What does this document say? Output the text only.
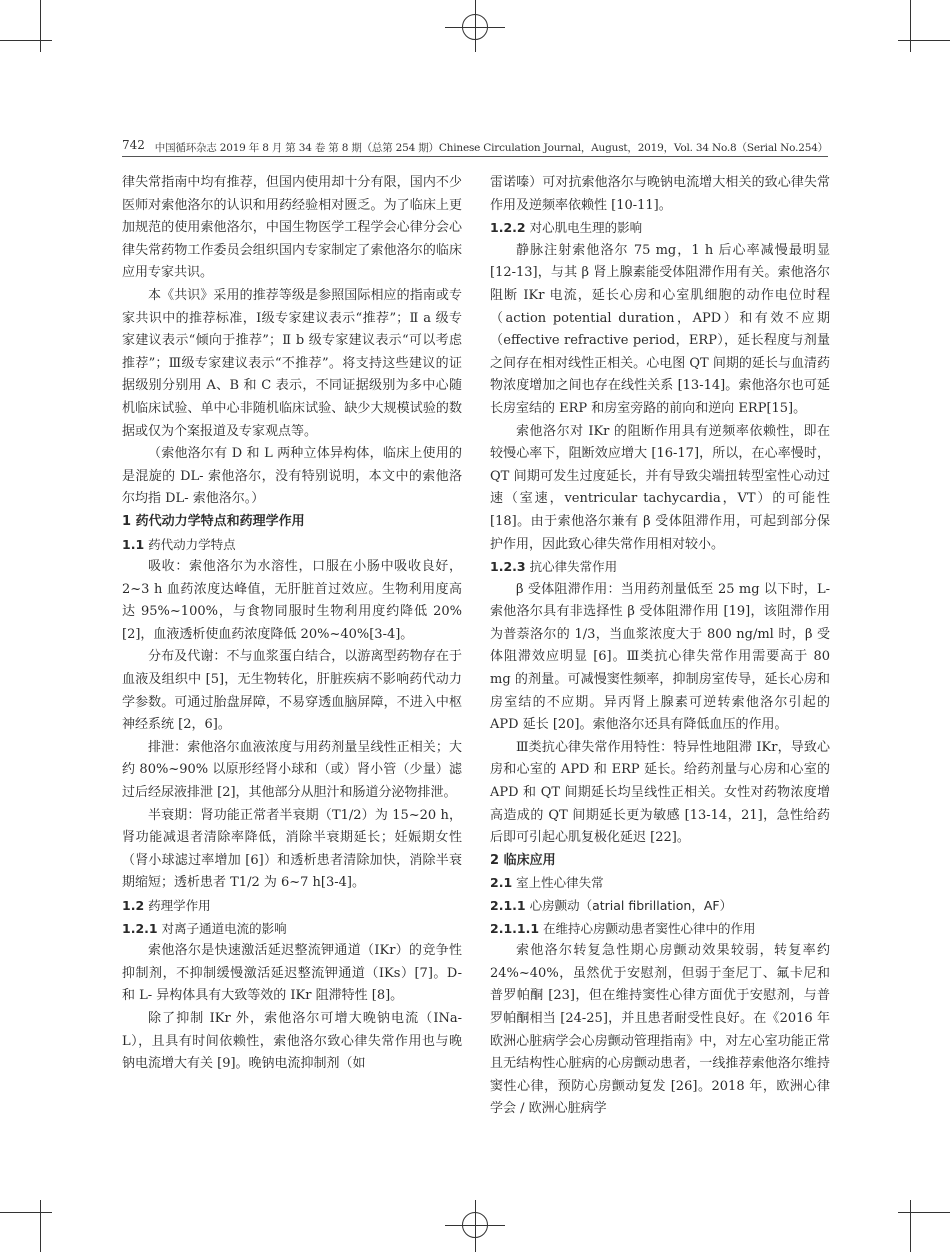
742 中国循环杂志 2019 年 8 月 第 34 卷 第 8 期（总第 254 期）Chinese Circulation Journal，August，2019，Vol. 34 No.8（Serial No.254）

律失常指南中均有推荐，但国内使用却十分有限，国内不少医师对索他洛尔的认识和用药经验相对匮乏。为了临床上更加规范的使用索他洛尔，中国生物医学工程学会心律分会心律失常药物工作委员会组织国内专家制定了索他洛尔的临床应用专家共识。

本《共识》采用的推荐等级是参照国际相应的指南或专家共识中的推荐标准，Ⅰ级专家建议表示“推荐”；Ⅱ a 级专家建议表示“倾向于推荐”；Ⅱ b 级专家建议表示“可以考虑推荐”；Ⅲ级专家建议表示“不推荐”。将支持这些建议的证据级别分别用 A、B 和 C 表示，不同证据级别为多中心随机临床试验、单中心非随机临床试验、缺少大规模试验的数据或仅为个案报道及专家观点等。

（索他洛尔有 D 和 L 两种立体异构体，临床上使用的是混旋的 DL- 索他洛尔，没有特别说明，本文中的索他洛尔均指 DL- 索他洛尔。）

1 药代动力学特点和药理学作用

1.1 药代动力学特点

吸收：索他洛尔为水溶性，口服在小肠中吸收良好，2~3 h 血药浓度达峰值，无肝脏首过效应。生物利用度高达 95%~100%，与食物同服时生物利用度约降低 20%[2]，血液透析使血药浓度降低 20%~40%[3-4]。

分布及代谢：不与血浆蛋白结合，以游离型药物存在于血液及组织中 [5]，无生物转化，肝脏疾病不影响药代动力学参数。可通过胎盘屏障，不易穿透血脑屏障，不进入中枢神经系统 [2，6]。

排泄：索他洛尔血液浓度与用药剂量呈线性正相关；大约 80%~90% 以原形经肾小球和（或）肾小管（少量）滤过后经尿液排泄 [2]，其他部分从胆汁和肠道分泌物排泄。

半衰期：肾功能正常者半衰期（T1/2）为 15~20 h，肾功能减退者清除率降低，消除半衰期延长；妊娠期女性（肾小球滤过率增加 [6]）和透析患者清除加快，消除半衰期缩短；透析患者 T1/2 为 6~7 h[3-4]。

1.2 药理学作用

1.2.1 对离子通道电流的影响

索他洛尔是快速激活延迟整流钾通道（IKr）的竞争性抑制剂，不抑制缓慢激活延迟整流钾通道（IKs）[7]。D- 和 L- 异构体具有大致等效的 IKr 阻滞特性 [8]。

除了抑制 IKr 外，索他洛尔可增大晚钠电流（INa-L），且具有时间依赖性，索他洛尔致心律失常作用也与晚钠电流增大有关 [9]。晚钠电流抑制剂（如

雷诺嗪）可对抗索他洛尔与晚钠电流增大相关的致心律失常作用及逆频率依赖性 [10-11]。

1.2.2 对心肌电生理的影响

静脉注射索他洛尔 75 mg，1 h 后心率减慢最明显 [12-13]，与其 β 肾上腺素能受体阻滞作用有关。索他洛尔阻断 IKr 电流，延长心房和心室肌细胞的动作电位时程（action potential duration，APD）和有效不应期（effective refractive period，ERP），延长程度与剂量之间存在相对线性正相关。心电图 QT 间期的延长与血清药物浓度增加之间也存在线性关系 [13-14]。索他洛尔也可延长房室结的 ERP 和房室旁路的前向和逆向 ERP[15]。

索他洛尔对 IKr 的阻断作用具有逆频率依赖性，即在较慢心率下，阻断效应增大 [16-17]，所以，在心率慢时，QT 间期可发生过度延长，并有导致尖端扭转型室性心动过速（室速，ventricular tachycardia，VT）的可能性 [18]。由于索他洛尔兼有 β 受体阻滞作用，可起到部分保护作用，因此致心律失常作用相对较小。

1.2.3 抗心律失常作用

β 受体阻滞作用：当用药剂量低至 25 mg 以下时，L- 索他洛尔具有非选择性 β 受体阻滞作用 [19]，该阻滞作用为普萘洛尔的 1/3，当血浆浓度大于 800 ng/ml 时，β 受体阻滞效应明显 [6]。Ⅲ类抗心律失常作用需要高于 80 mg 的剂量。可减慢窦性频率，抑制房室传导，延长心房和房室结的不应期。异丙肾上腺素可逆转索他洛尔引起的 APD 延长 [20]。索他洛尔还具有降低血压的作用。

Ⅲ类抗心律失常作用特性：特异性地阻滞 IKr，导致心房和心室的 APD 和 ERP 延长。给药剂量与心房和心室的 APD 和 QT 间期延长均呈线性正相关。女性对药物浓度增高造成的 QT 间期延长更为敏感 [13-14，21]，急性给药后即可引起心肌复极化延迟 [22]。

2 临床应用

2.1 室上性心律失常

2.1.1 心房颤动（atrial fibrillation，AF）

2.1.1.1 在维持心房颤动患者窦性心律中的作用

索他洛尔转复急性期心房颤动效果较弱，转复率约 24%~40%，虽然优于安慰剂，但弱于奎尼丁、氟卡尼和普罗帕酮 [23]，但在维持窦性心律方面优于安慰剂，与普罗帕酮相当 [24-25]，并且患者耐受性良好。在《2016 年欧洲心脏病学会心房颤动管理指南》中，对左心室功能正常且无结构性心脏病的心房颤动患者，一线推荐索他洛尔维持窦性心律，预防心房颤动复发 [26]。2018 年，欧洲心律学会 / 欧洲心脏病学
